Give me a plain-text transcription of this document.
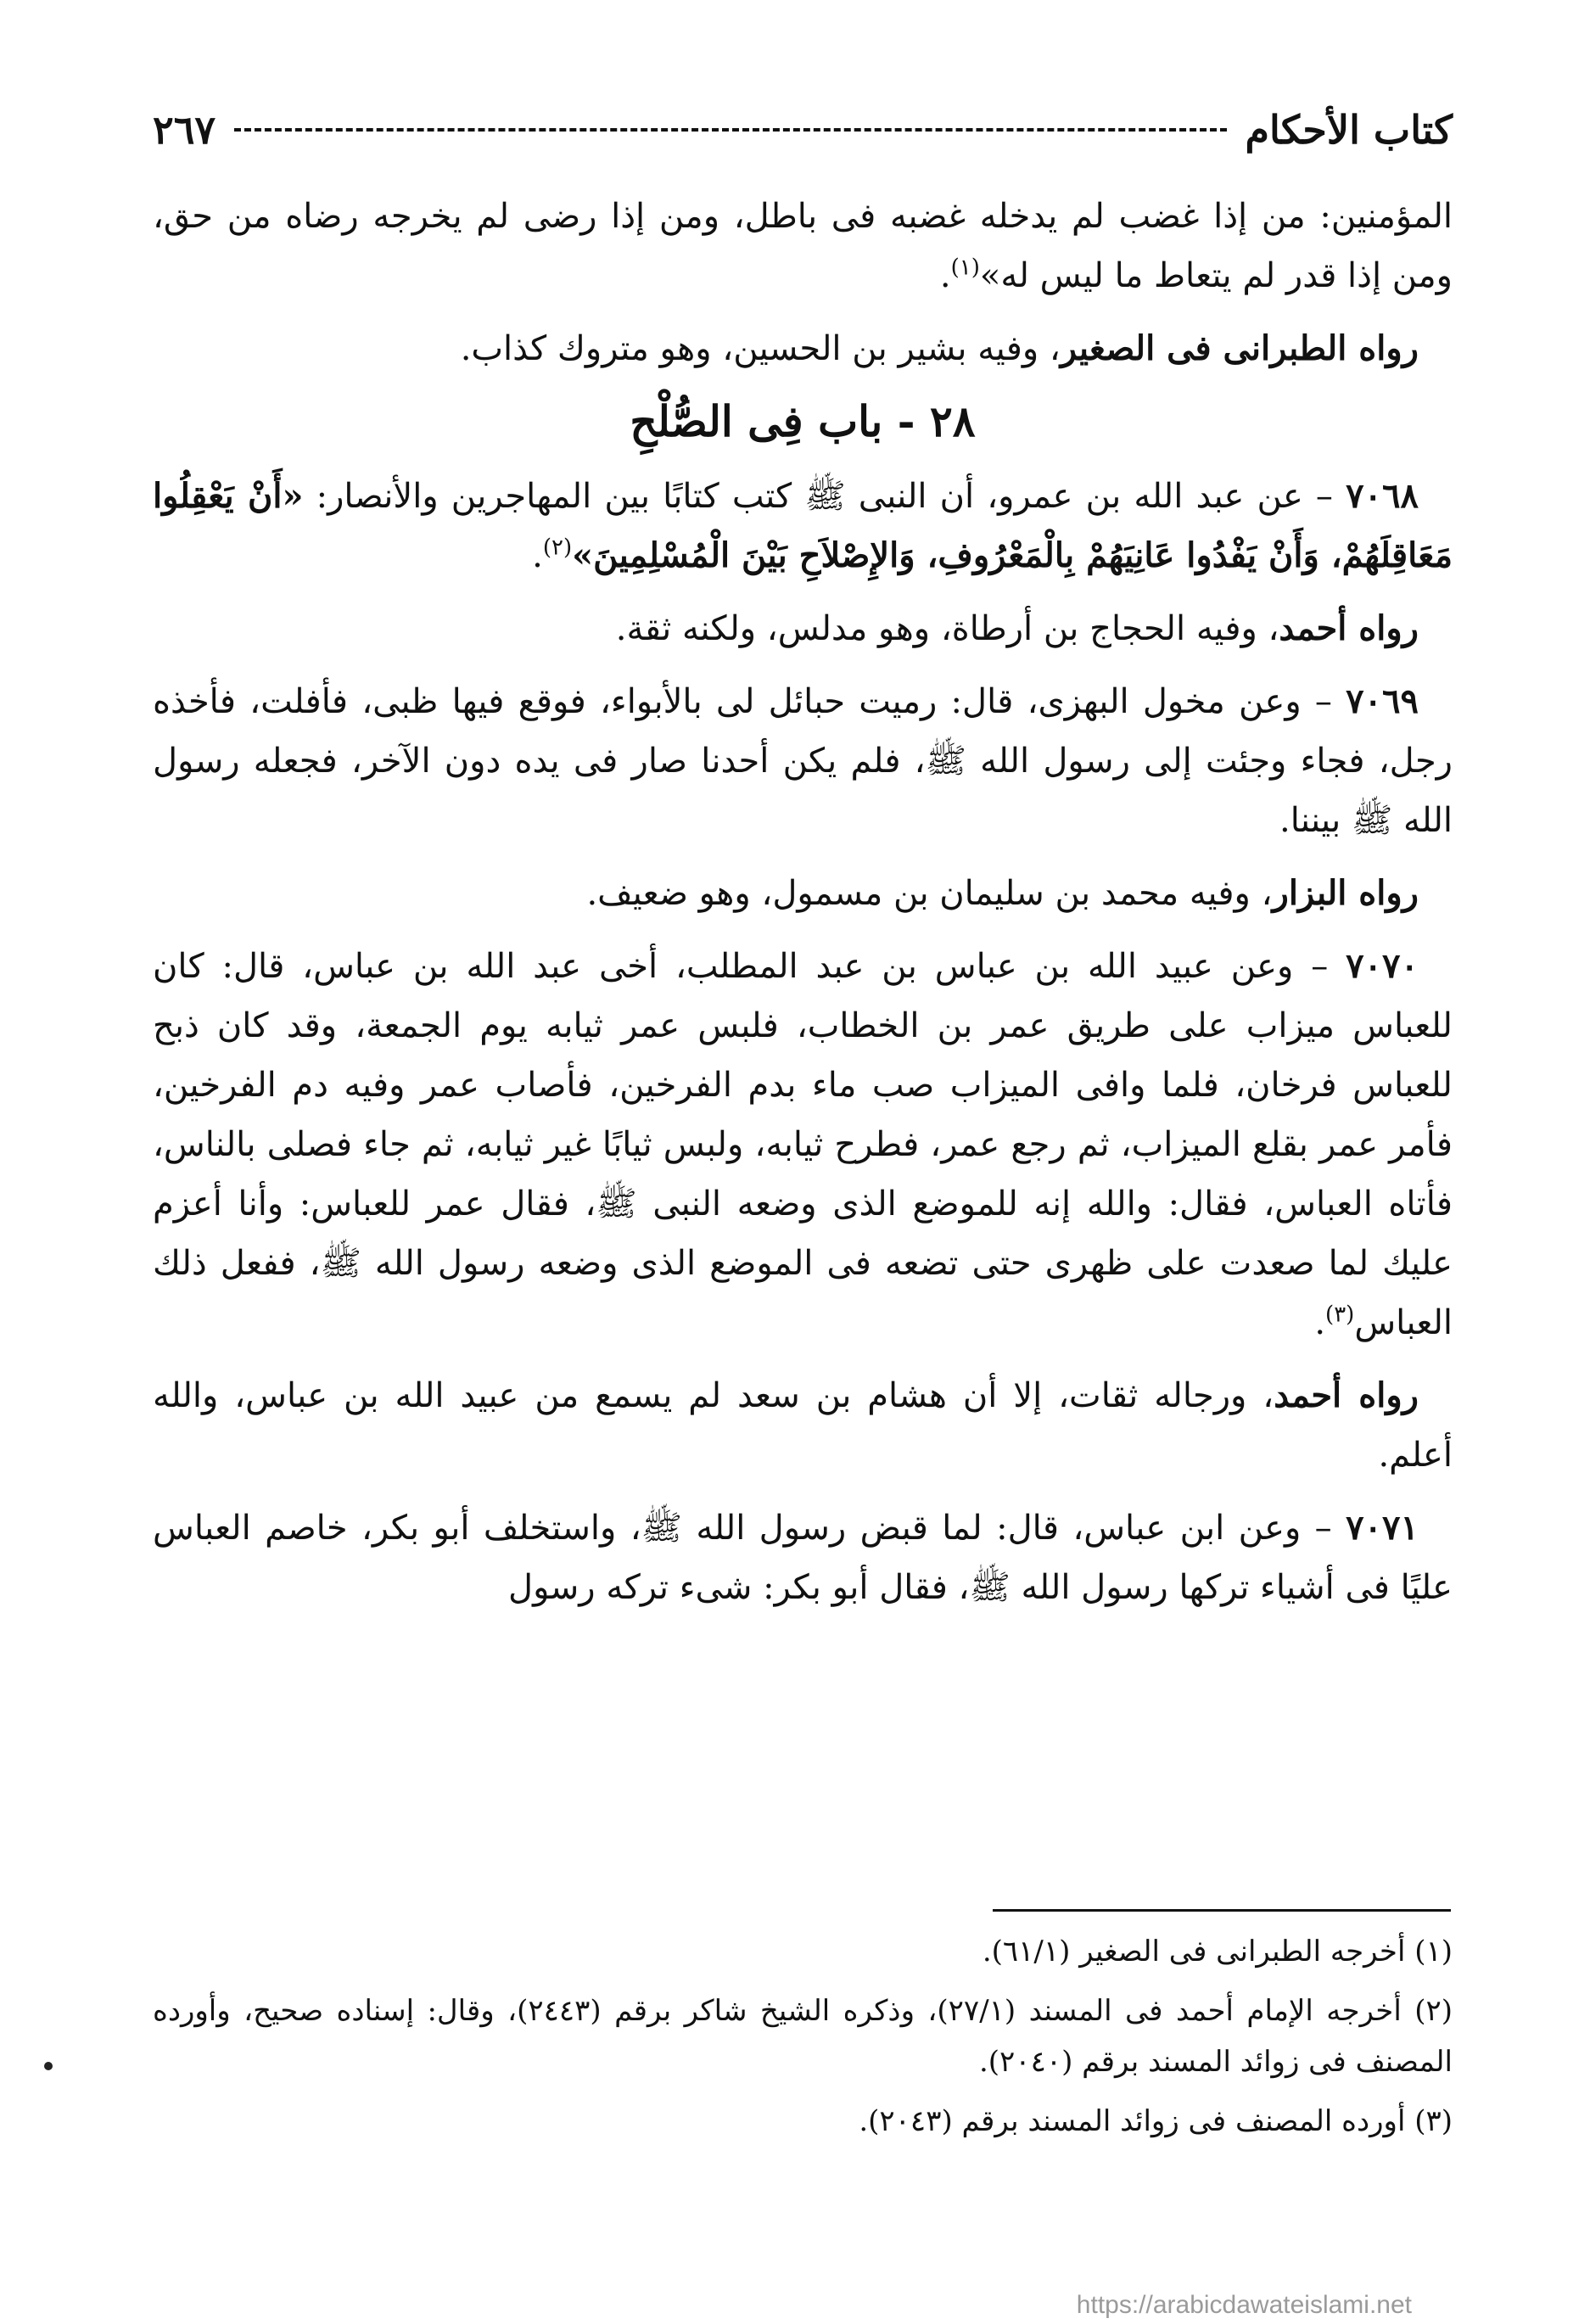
كتاب الأحكام
٢٦٧

المؤمنين: من إذا غضب لم يدخله غضبه فى باطل، ومن إذا رضى لم يخرجه رضاه من حق، ومن إذا قدر لم يتعاط ما ليس له»$^{(١)}$.

رواه الطبرانى فى الصغير، وفيه بشير بن الحسين، وهو متروك كذاب.

٢٨ - باب فِى الصُّلْحِ

٧٠٦٨ – عن عبد الله بن عمرو، أن النبى ﷺ كتب كتابًا بين المهاجرين والأنصار: «أَنْ يَعْقِلُوا مَعَاقِلَهُمْ، وَأَنْ يَفْدُوا عَانِيَهُمْ بِالْمَعْرُوفِ، وَالإِصْلاَحِ بَيْنَ الْمُسْلِمِينَ»$^{(٢)}$.

رواه أحمد، وفيه الحجاج بن أرطاة، وهو مدلس، ولكنه ثقة.

٧٠٦٩ – وعن مخول البهزى، قال: رميت حبائل لى بالأبواء، فوقع فيها ظبى، فأفلت، فأخذه رجل، فجاء وجئت إلى رسول الله ﷺ، فلم يكن أحدنا صار فى يده دون الآخر، فجعله رسول الله ﷺ بيننا.

رواه البزار، وفيه محمد بن سليمان بن مسمول، وهو ضعيف.

٧٠٧٠ – وعن عبيد الله بن عباس بن عبد المطلب، أخى عبد الله بن عباس، قال: كان للعباس ميزاب على طريق عمر بن الخطاب، فلبس عمر ثيابه يوم الجمعة، وقد كان ذبح للعباس فرخان، فلما وافى الميزاب صب ماء بدم الفرخين، فأصاب عمر وفيه دم الفرخين، فأمر عمر بقلع الميزاب، ثم رجع عمر، فطرح ثيابه، ولبس ثيابًا غير ثيابه، ثم جاء فصلى بالناس، فأتاه العباس، فقال: والله إنه للموضع الذى وضعه النبى ﷺ، فقال عمر للعباس: وأنا أعزم عليك لما صعدت على ظهرى حتى تضعه فى الموضع الذى وضعه رسول الله ﷺ، ففعل ذلك العباس$^{(٣)}$.

رواه أحمد، ورجاله ثقات، إلا أن هشام بن سعد لم يسمع من عبيد الله بن عباس، والله أعلم.

٧٠٧١ – وعن ابن عباس، قال: لما قبض رسول الله ﷺ، واستخلف أبو بكر، خاصم العباس عليًا فى أشياء تركها رسول الله ﷺ، فقال أبو بكر: شىء تركه رسول

(١) أخرجه الطبرانى فى الصغير (٦١/١).

(٢) أخرجه الإمام أحمد فى المسند (٢٧/١)، وذكره الشيخ شاكر برقم (٢٤٤٣)، وقال: إسناده صحيح، وأورده المصنف فى زوائد المسند برقم (٢٠٤٠).

(٣) أورده المصنف فى زوائد المسند برقم (٢٠٤٣).

https://arabicdawateislami.net
